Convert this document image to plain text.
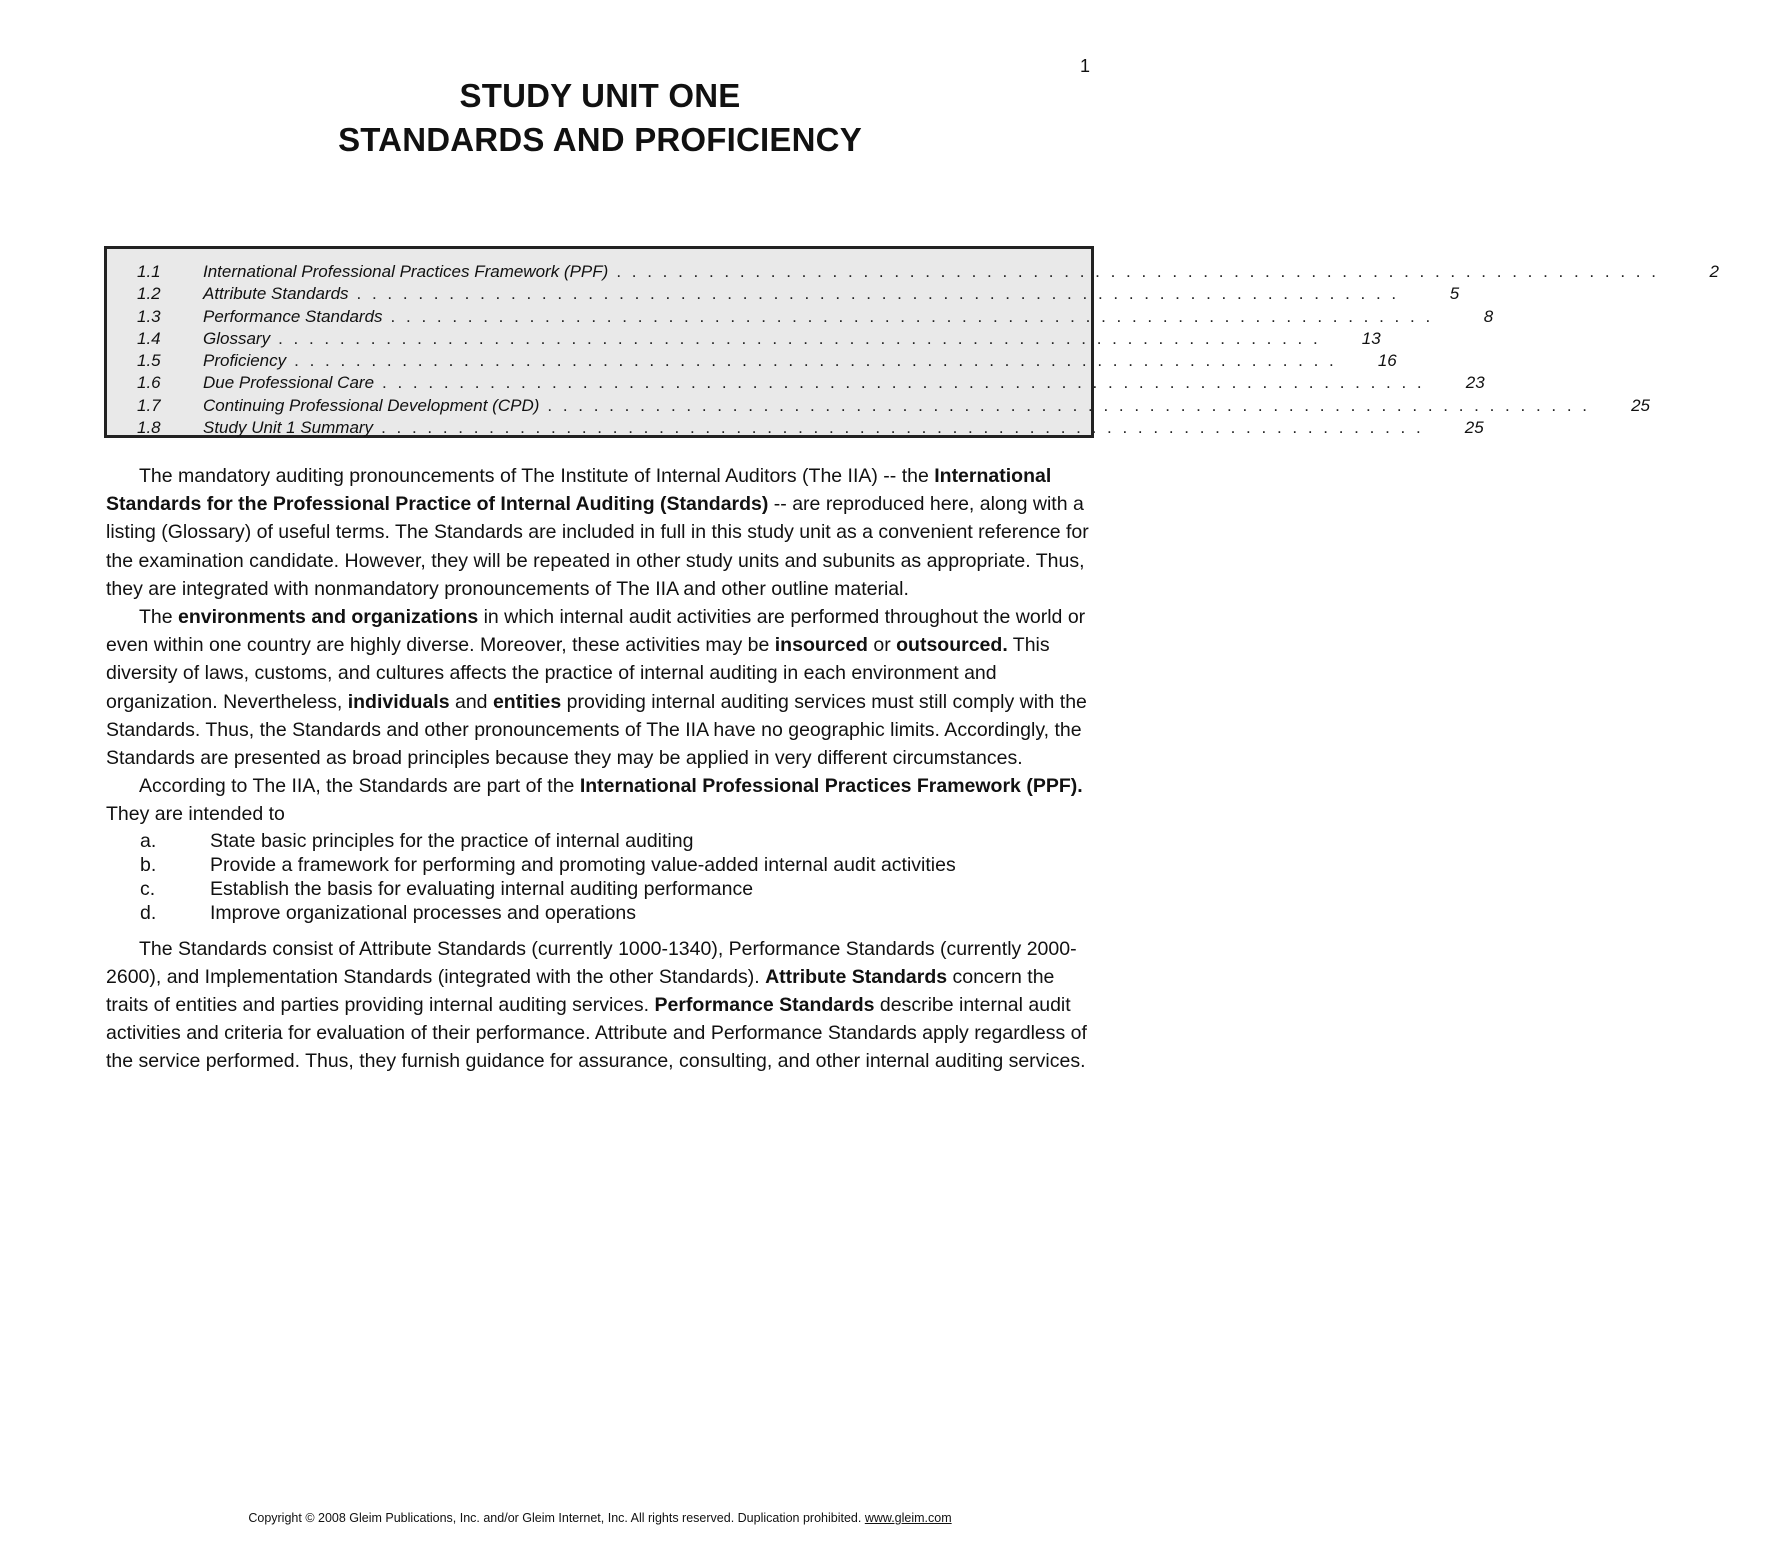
1
STUDY UNIT ONE
STANDARDS AND PROFICIENCY
1.1	International Professional Practices Framework (PPF) . . . . . . . . . . . . . . . . . . . . . . . . . . . . . . . . . . . . . . . . . . . . . . . . . . . . . . . . . . . . . . . . . . . .	2
1.2	Attribute Standards . . . . . . . . . . . . . . . . . . . . . . . . . . . . . . . . . . . . . . . . . . . . . . . . . . . . . . . . . . . . . . . . . . . .	5
1.3	Performance Standards . . . . . . . . . . . . . . . . . . . . . . . . . . . . . . . . . . . . . . . . . . . . . . . . . . . . . . . . . . . . . . . . . . . .	8
1.4	Glossary . . . . . . . . . . . . . . . . . . . . . . . . . . . . . . . . . . . . . . . . . . . . . . . . . . . . . . . . . . . . . . . . . . . .	13
1.5	Proficiency . . . . . . . . . . . . . . . . . . . . . . . . . . . . . . . . . . . . . . . . . . . . . . . . . . . . . . . . . . . . . . . . . . . .	16
1.6	Due Professional Care . . . . . . . . . . . . . . . . . . . . . . . . . . . . . . . . . . . . . . . . . . . . . . . . . . . . . . . . . . . . . . . . . . . .	23
1.7	Continuing Professional Development (CPD) . . . . . . . . . . . . . . . . . . . . . . . . . . . . . . . . . . . . . . . . . . . . . . . . . . . . . . . . . . . . . . . . . . . .	25
1.8	Study Unit 1 Summary . . . . . . . . . . . . . . . . . . . . . . . . . . . . . . . . . . . . . . . . . . . . . . . . . . . . . . . . . . . . . . . . . . . .	25

The mandatory auditing pronouncements of The Institute of Internal Auditors (The IIA) -- the International Standards for the Professional Practice of Internal Auditing (Standards) -- are reproduced here, along with a listing (Glossary) of useful terms. The Standards are included in full in this study unit as a convenient reference for the examination candidate. However, they will be repeated in other study units and subunits as appropriate. Thus, they are integrated with nonmandatory pronouncements of The IIA and other outline material.

The environments and organizations in which internal audit activities are performed throughout the world or even within one country are highly diverse. Moreover, these activities may be insourced or outsourced. This diversity of laws, customs, and cultures affects the practice of internal auditing in each environment and organization. Nevertheless, individuals and entities providing internal auditing services must still comply with the Standards. Thus, the Standards and other pronouncements of The IIA have no geographic limits. Accordingly, the Standards are presented as broad principles because they may be applied in very different circumstances.

According to The IIA, the Standards are part of the International Professional Practices Framework (PPF). They are intended to

a.	State basic principles for the practice of internal auditing
b.	Provide a framework for performing and promoting value-added internal audit activities
c.	Establish the basis for evaluating internal auditing performance
d.	Improve organizational processes and operations

The Standards consist of Attribute Standards (currently 1000-1340), Performance Standards (currently 2000-2600), and Implementation Standards (integrated with the other Standards). Attribute Standards concern the traits of entities and parties providing internal auditing services. Performance Standards describe internal audit activities and criteria for evaluation of their performance. Attribute and Performance Standards apply regardless of the service performed. Thus, they furnish guidance for assurance, consulting, and other internal auditing services.

Copyright © 2008 Gleim Publications, Inc. and/or Gleim Internet, Inc. All rights reserved. Duplication prohibited. www.gleim.com
